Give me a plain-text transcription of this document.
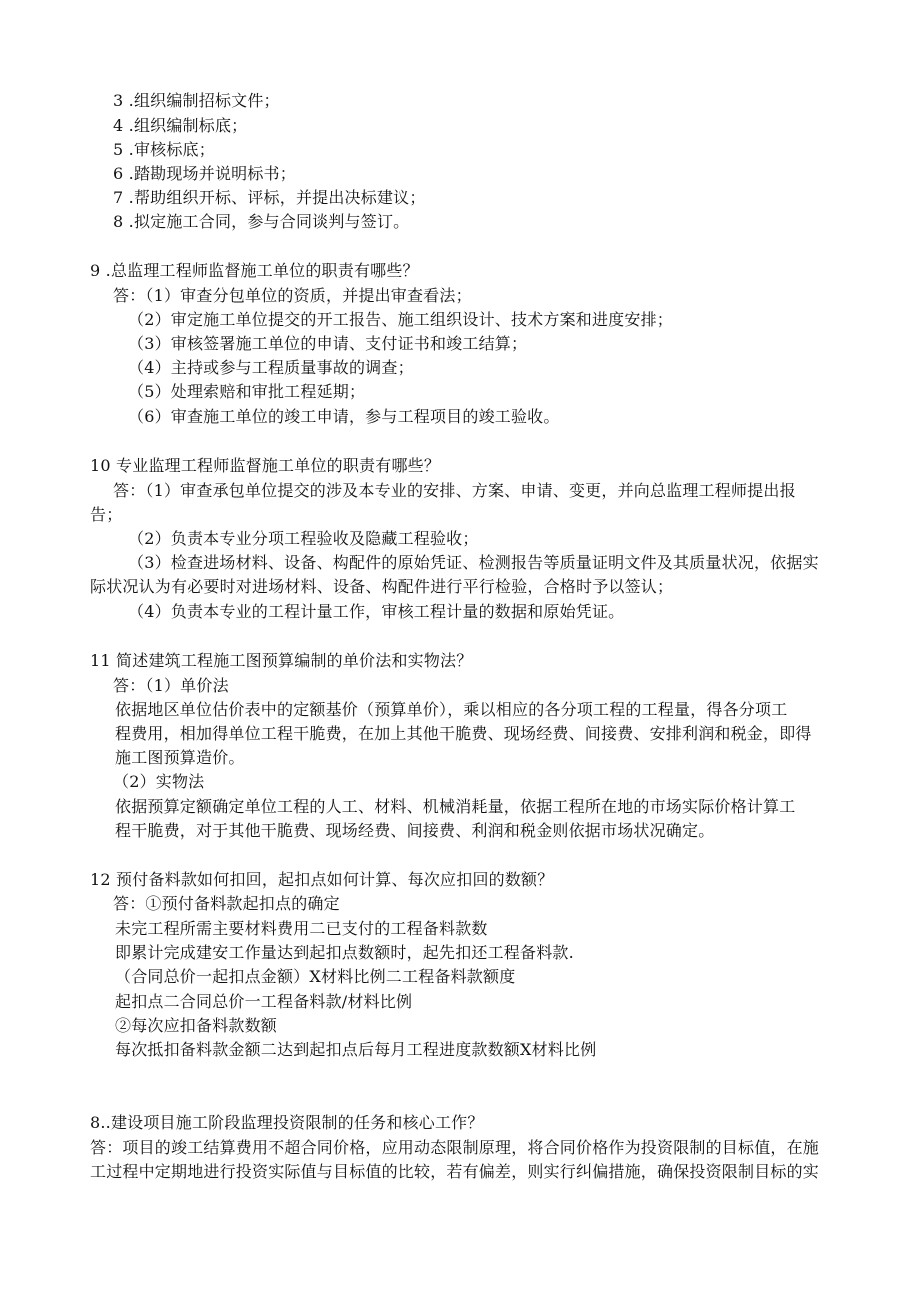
3 .组织编制招标文件；
4 .组织编制标底；
5 .审核标底；
6 .踏勘现场并说明标书；
7 .帮助组织开标、评标，并提出决标建议；
8 .拟定施工合同，参与合同谈判与签订。
9 .总监理工程师监督施工单位的职责有哪些？
答：（1）审查分包单位的资质，并提出审查看法；
（2）审定施工单位提交的开工报告、施工组织设计、技术方案和进度安排；
（3）审核签署施工单位的申请、支付证书和竣工结算；
（4）主持或参与工程质量事故的调查；
（5）处理索赔和审批工程延期；
（6）审查施工单位的竣工申请，参与工程项目的竣工验收。
10 专业监理工程师监督施工单位的职责有哪些？
答：（1）审查承包单位提交的涉及本专业的安排、方案、申请、变更，并向总监理工程师提出报
告；
（2）负责本专业分项工程验收及隐藏工程验收；
（3）检查进场材料、设备、构配件的原始凭证、检测报告等质量证明文件及其质量状况，依据实
际状况认为有必要时对进场材料、设备、构配件进行平行检验，合格时予以签认；
（4）负责本专业的工程计量工作，审核工程计量的数据和原始凭证。
11 简述建筑工程施工图预算编制的单价法和实物法？
答：（1）单价法
依据地区单位估价表中的定额基价（预算单价），乘以相应的各分项工程的工程量，得各分项工
程费用，相加得单位工程干脆费，在加上其他干脆费、现场经费、间接费、安排利润和税金，即得
施工图预算造价。
（2）实物法
依据预算定额确定单位工程的人工、材料、机械消耗量，依据工程所在地的市场实际价格计算工
程干脆费，对于其他干脆费、现场经费、间接费、利润和税金则依据市场状况确定。
12 预付备料款如何扣回，起扣点如何计算、每次应扣回的数额？
答：①预付备料款起扣点的确定
未完工程所需主要材料费用二已支付的工程备料款数
即累计完成建安工作量达到起扣点数额时，起先扣还工程备料款.
（合同总价一起扣点金额）X材料比例二工程备料款额度
起扣点二合同总价一工程备料款/材料比例
②每次应扣备料款数额
每次抵扣备料款金额二达到起扣点后每月工程进度款数额X材料比例
8..建设项目施工阶段监理投资限制的任务和核心工作？
答：项目的竣工结算费用不超合同价格，应用动态限制原理，将合同价格作为投资限制的目标值，在施
工过程中定期地进行投资实际值与目标值的比较，若有偏差，则实行纠偏措施，确保投资限制目标的实
